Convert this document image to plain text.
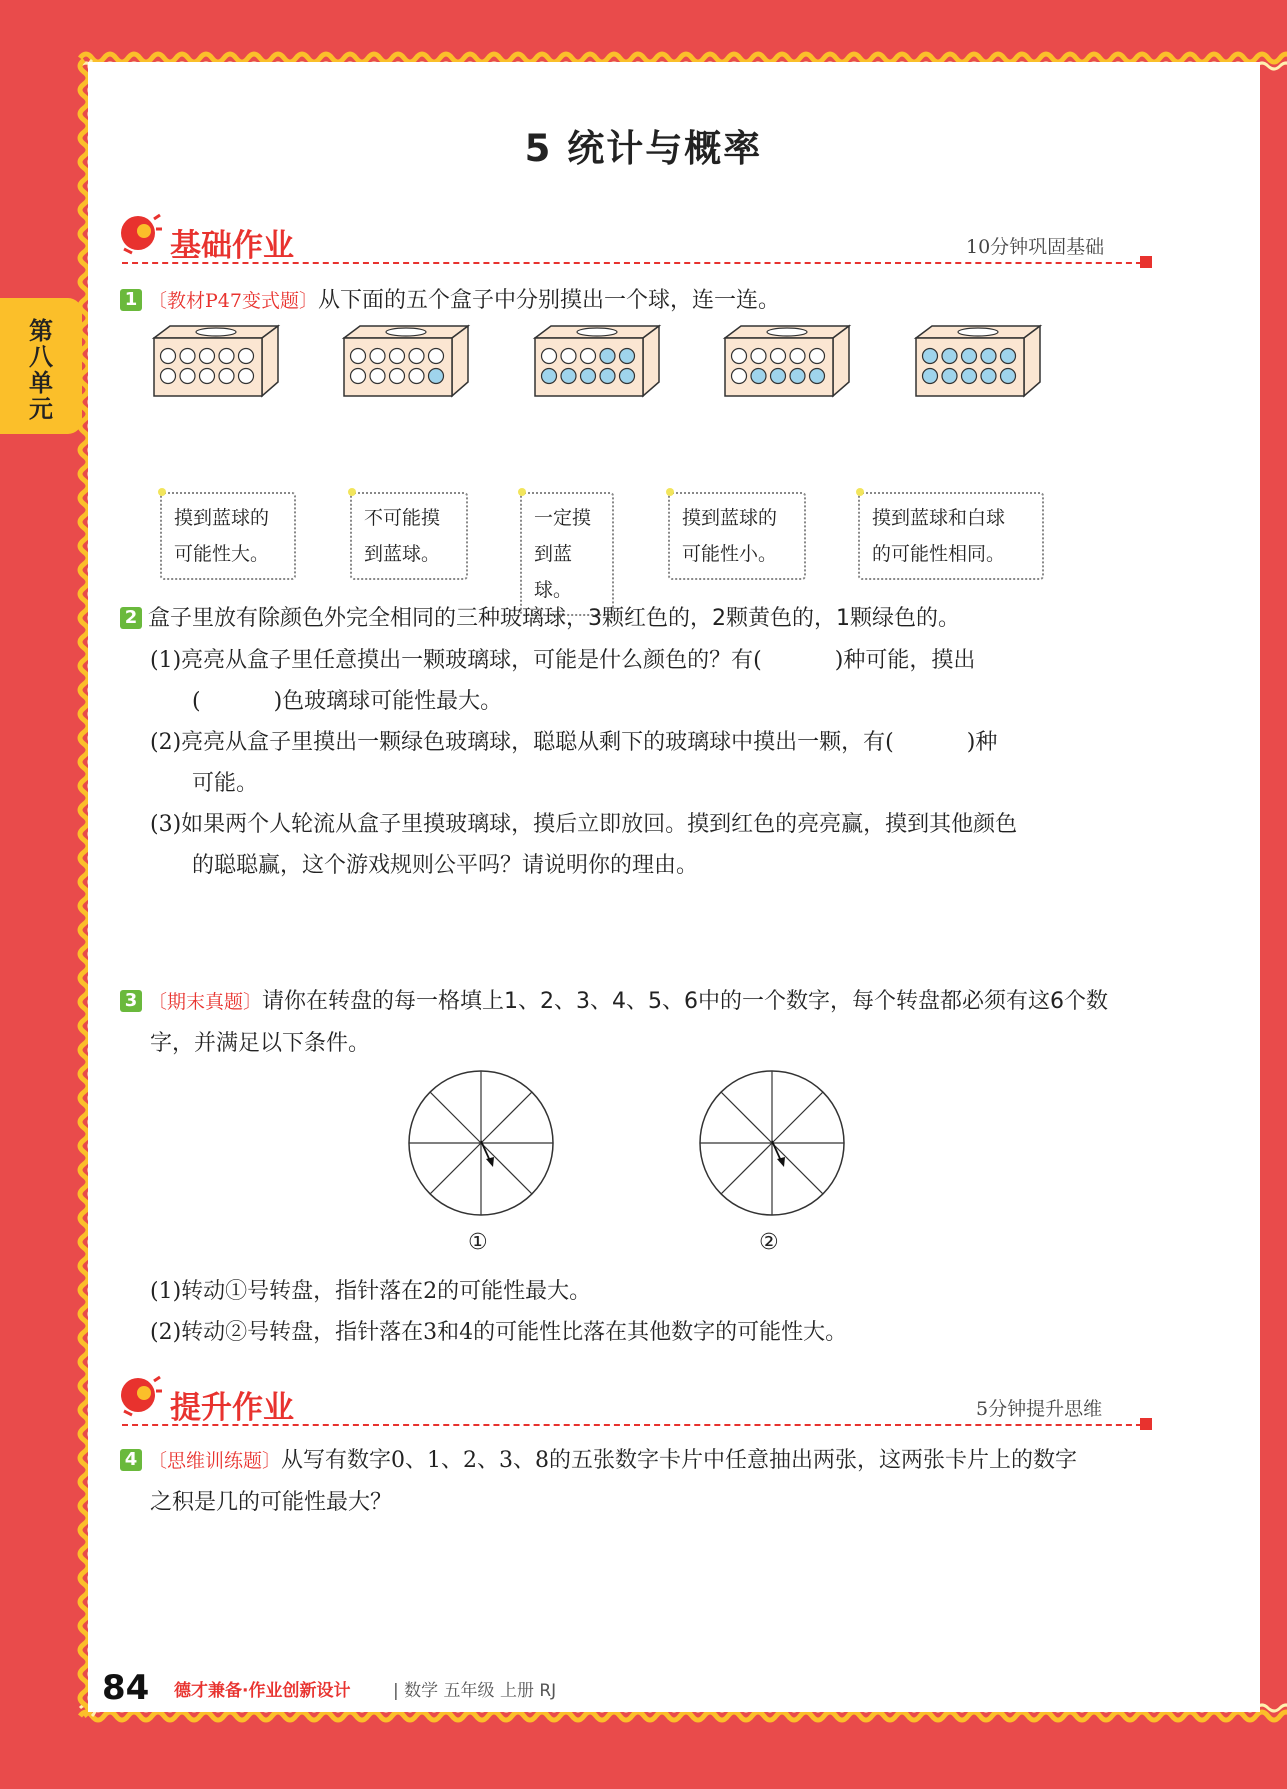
第
八
单
元
5 统计与概率
基础作业	10分钟巩固基础
1 〔教材P47变式题〕从下面的五个盒子中分别摸出一个球，连一连。
摸到蓝球的
可能性大。
不可能摸
到蓝球。
一定摸
到蓝球。
摸到蓝球的
可能性小。
摸到蓝球和白球
的可能性相同。
2 盒子里放有除颜色外完全相同的三种玻璃球，3颗红色的，2颗黄色的，1颗绿色的。
(1)亮亮从盒子里任意摸出一颗玻璃球，可能是什么颜色的？有(　　　 )种可能，摸出
(　　　 )色玻璃球可能性最大。
(2)亮亮从盒子里摸出一颗绿色玻璃球，聪聪从剩下的玻璃球中摸出一颗，有(　　　 )种
可能。
(3)如果两个人轮流从盒子里摸玻璃球，摸后立即放回。摸到红色的亮亮赢，摸到其他颜色
的聪聪赢，这个游戏规则公平吗？请说明你的理由。
3 〔期末真题〕请你在转盘的每一格填上1、2、3、4、5、6中的一个数字，每个转盘都必须有这6个数
字，并满足以下条件。
①	②
(1)转动①号转盘，指针落在2的可能性最大。
(2)转动②号转盘，指针落在3和4的可能性比落在其他数字的可能性大。
提升作业	5分钟提升思维
4 〔思维训练题〕从写有数字0、1、2、3、8的五张数字卡片中任意抽出两张，这两张卡片上的数字
之积是几的可能性最大？
84 德才兼备·作业创新设计	| 数学 五年级 上册 RJ
